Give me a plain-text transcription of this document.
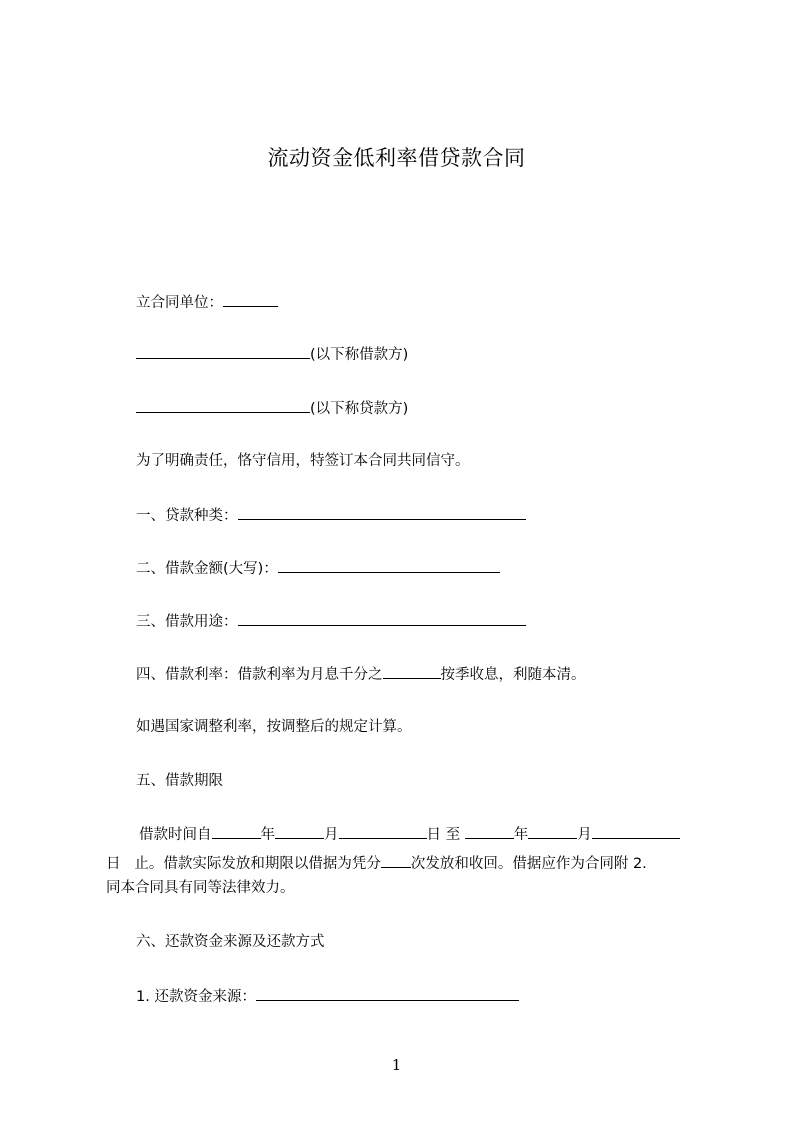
流动资金低利率借贷款合同
立合同单位：
(以下称借款方)
(以下称贷款方)
为了明确责任，恪守信用，特签订本合同共同信守。
一、贷款种类：
二、借款金额(大写)：
三、借款用途：
四、借款利率：借款利率为月息千分之	按季收息，利随本清。
如遇国家调整利率，按调整后的规定计算。
五、借款期限
借款时间自	年	月	日 至	年	月
日 止。借款实际发放和期限以借据为凭分 次发放和收回。借据应作为合同附 2.
同本合同具有同等法律效力。
六、还款资金来源及还款方式
1. 还款资金来源：
1
